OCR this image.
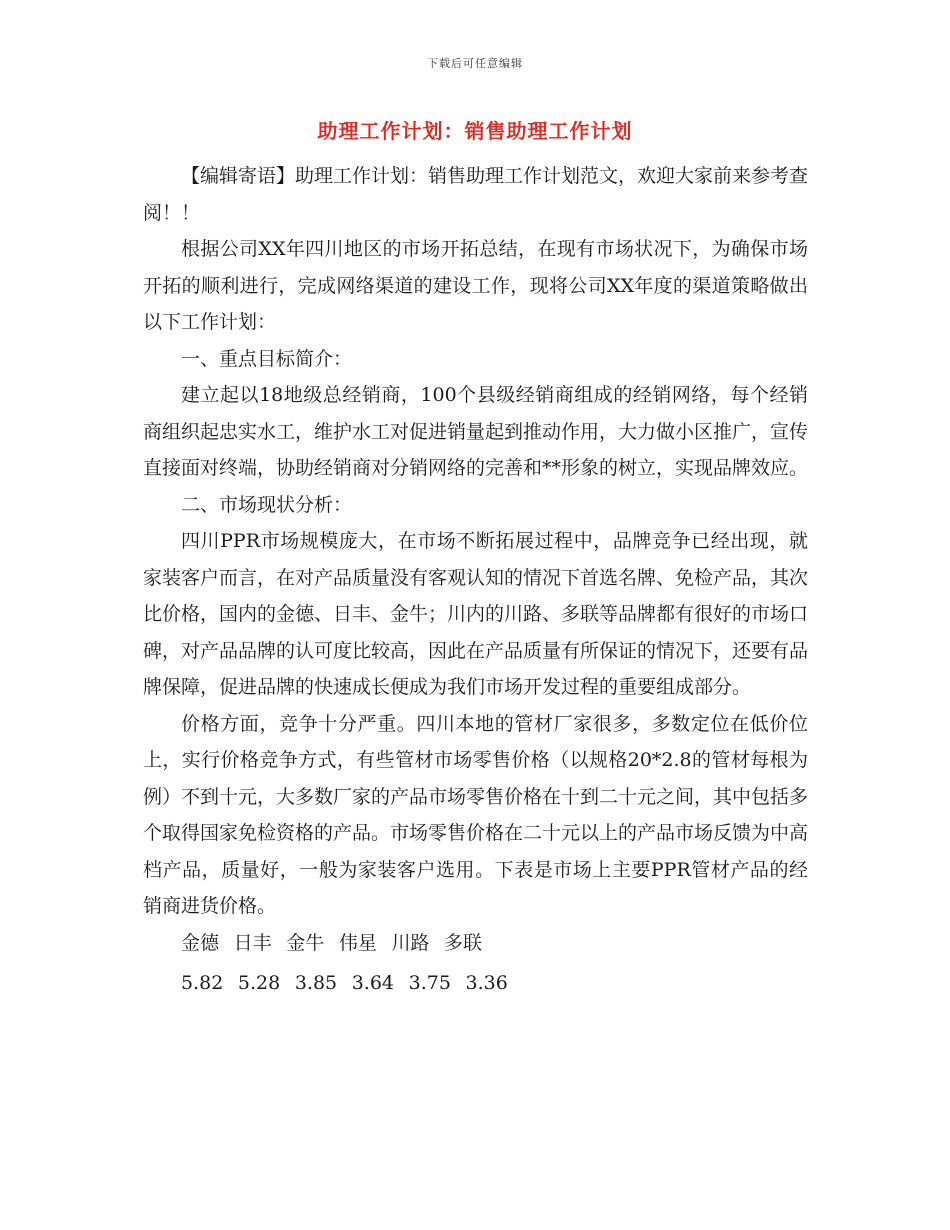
下载后可任意编辑
助理工作计划：销售助理工作计划

【编辑寄语】助理工作计划：销售助理工作计划范文，欢迎大家前来参考查阅！！

根据公司XX年四川地区的市场开拓总结，在现有市场状况下，为确保市场开拓的顺利进行，完成网络渠道的建设工作，现将公司XX年度的渠道策略做出以下工作计划：

一、重点目标简介：

建立起以18地级总经销商，100个县级经销商组成的经销网络，每个经销商组织起忠实水工，维护水工对促进销量起到推动作用，大力做小区推广，宣传直接面对终端，协助经销商对分销网络的完善和**形象的树立，实现品牌效应。

二、市场现状分析：

四川PPR市场规模庞大，在市场不断拓展过程中，品牌竞争已经出现，就家装客户而言，在对产品质量没有客观认知的情况下首选名牌、免检产品，其次比价格，国内的金德、日丰、金牛；川内的川路、多联等品牌都有很好的市场口碑，对产品品牌的认可度比较高，因此在产品质量有所保证的情况下，还要有品牌保障，促进品牌的快速成长便成为我们市场开发过程的重要组成部分。

价格方面，竞争十分严重。四川本地的管材厂家很多，多数定位在低价位上，实行价格竞争方式，有些管材市场零售价格（以规格20*2.8的管材每根为例）不到十元，大多数厂家的产品市场零售价格在十到二十元之间，其中包括多个取得国家免检资格的产品。市场零售价格在二十元以上的产品市场反馈为中高档产品，质量好，一般为家装客户选用。下表是市场上主要PPR管材产品的经销商进货价格。

金德 日丰 金牛 伟星 川路 多联
5.82 5.28 3.85 3.64 3.75 3.36
